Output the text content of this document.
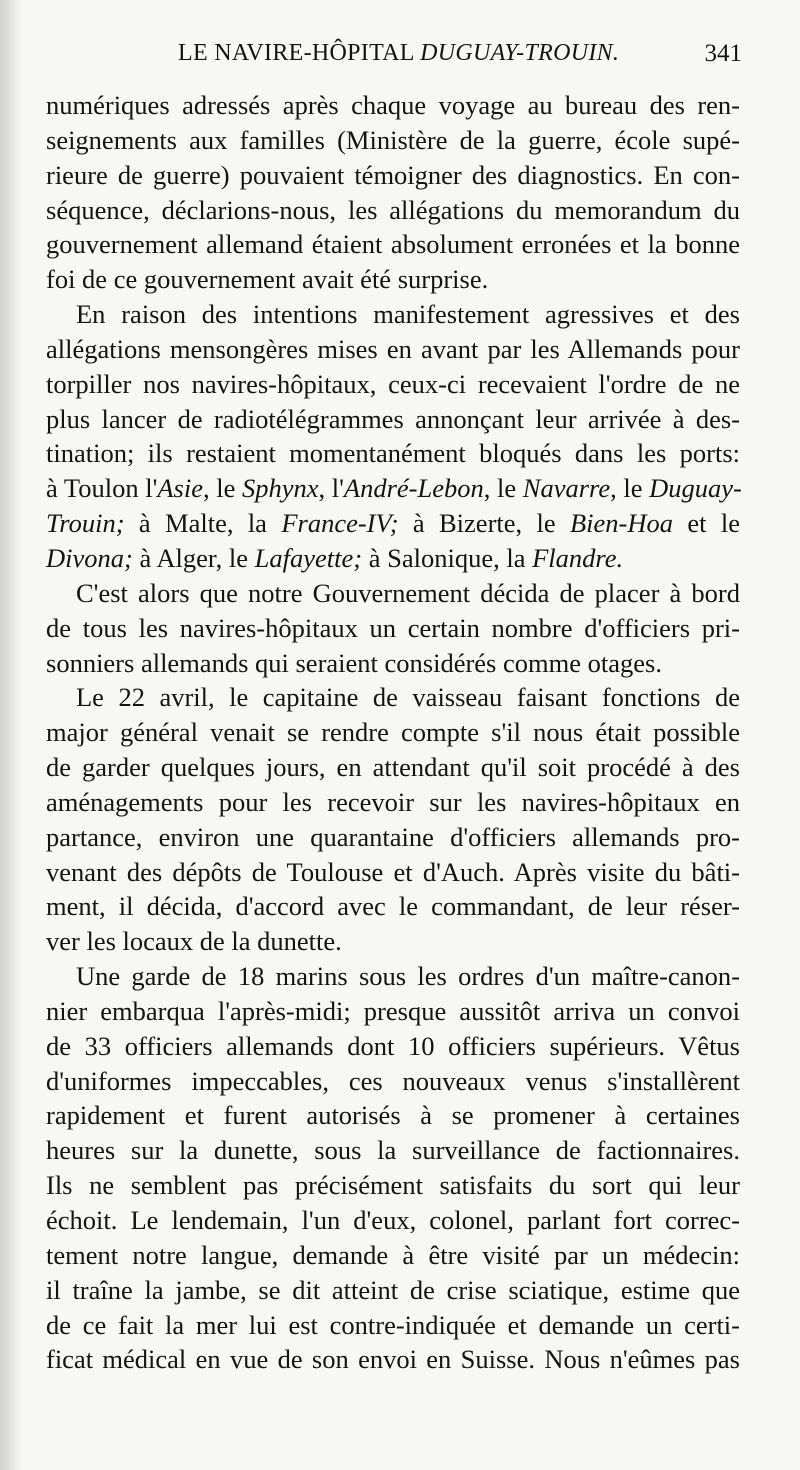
LE NAVIRE-HÔPITAL DUGUAY-TROUIN.	341
numériques adressés après chaque voyage au bureau des ren-
seignements aux familles (Ministère de la guerre, école supé-
rieure de guerre) pouvaient témoigner des diagnostics. En con-
séquence, déclarions-nous, les allégations du memorandum du
gouvernement allemand étaient absolument erronées et la bonne
foi de ce gouvernement avait été surprise.
En raison des intentions manifestement agressives et des
allégations mensongères mises en avant par les Allemands pour
torpiller nos navires-hôpitaux, ceux-ci recevaient l'ordre de ne
plus lancer de radiotélégrammes annonçant leur arrivée à des-
tination; ils restaient momentanément bloqués dans les ports:
à Toulon l'Asie, le Sphynx, l'André-Lebon, le Navarre, le Duguay-
Trouin; à Malte, la France-IV; à Bizerte, le Bien-Hoa et le
Divona; à Alger, le Lafayette; à Salonique, la Flandre.
C'est alors que notre Gouvernement décida de placer à bord
de tous les navires-hôpitaux un certain nombre d'officiers pri-
sonniers allemands qui seraient considérés comme otages.
Le 22 avril, le capitaine de vaisseau faisant fonctions de
major général venait se rendre compte s'il nous était possible
de garder quelques jours, en attendant qu'il soit procédé à des
aménagements pour les recevoir sur les navires-hôpitaux en
partance, environ une quarantaine d'officiers allemands pro-
venant des dépôts de Toulouse et d'Auch. Après visite du bâti-
ment, il décida, d'accord avec le commandant, de leur réser-
ver les locaux de la dunette.
Une garde de 18 marins sous les ordres d'un maître-canon-
nier embarqua l'après-midi; presque aussitôt arriva un convoi
de 33 officiers allemands dont 10 officiers supérieurs. Vêtus
d'uniformes impeccables, ces nouveaux venus s'installèrent
rapidement et furent autorisés à se promener à certaines
heures sur la dunette, sous la surveillance de factionnaires.
Ils ne semblent pas précisément satisfaits du sort qui leur
échoit. Le lendemain, l'un d'eux, colonel, parlant fort correc-
tement notre langue, demande à être visité par un médecin:
il traîne la jambe, se dit atteint de crise sciatique, estime que
de ce fait la mer lui est contre-indiquée et demande un certi-
ficat médical en vue de son envoi en Suisse. Nous n'eûmes pas
